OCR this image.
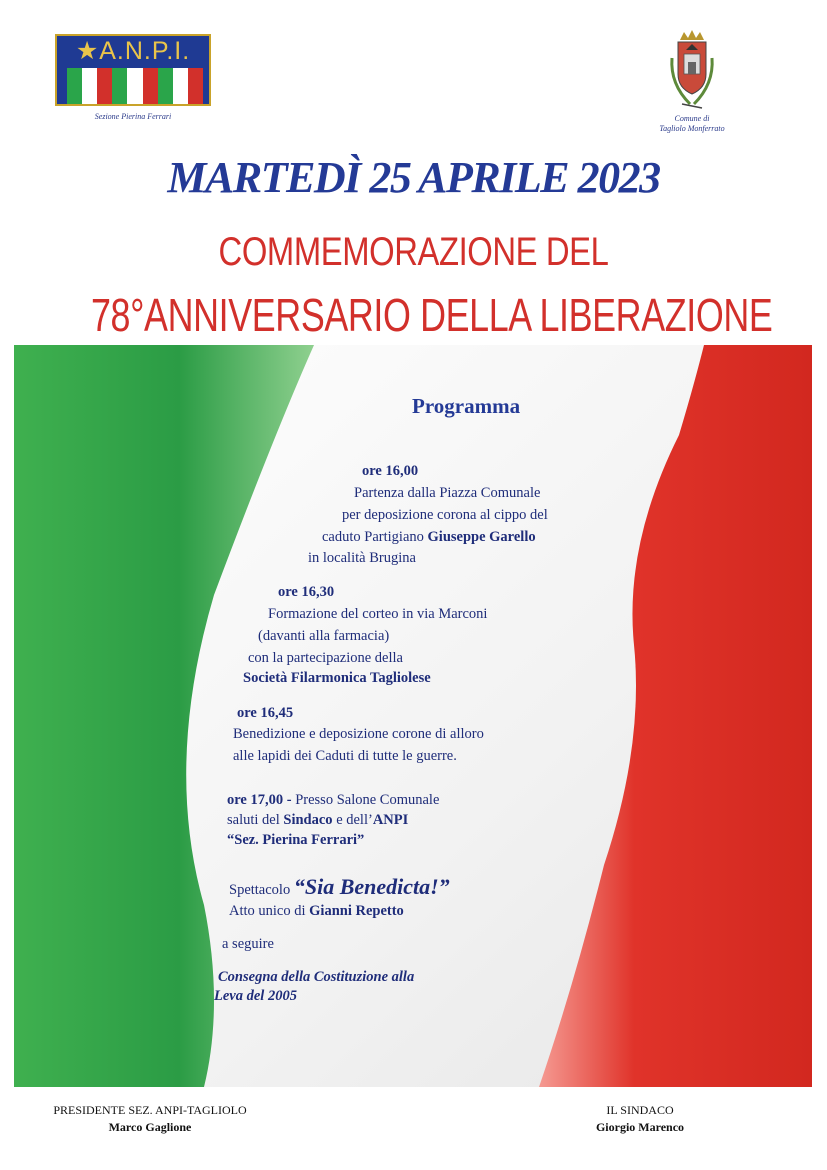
★A.N.P.I.
Sezione Pierina Ferrari	Comune di
Tagliolo Monferrato
MARTEDÌ 25 APRILE 2023
COMMEMORAZIONE DEL
78°ANNIVERSARIO DELLA LIBERAZIONE
Programma
ore 16,00
Partenza dalla Piazza Comunale
per deposizione corona al cippo del
caduto Partigiano Giuseppe Garello
in località Brugina
ore 16,30
Formazione del corteo in via Marconi
(davanti alla farmacia)
con la partecipazione della
Società Filarmonica Tagliolese
ore 16,45
Benedizione e deposizione corone di alloro
alle lapidi dei Caduti di tutte le guerre.
ore 17,00 - Presso Salone Comunale
saluti del Sindaco e dell’ANPI
“Sez. Pierina Ferrari”
Spettacolo “Sia Benedicta!”
Atto unico di Gianni Repetto
a seguire
Consegna della Costituzione alla
Leva del 2005
PRESIDENTE SEZ. ANPI-TAGLIOLO
Marco Gaglione
IL SINDACO
Giorgio Marenco
